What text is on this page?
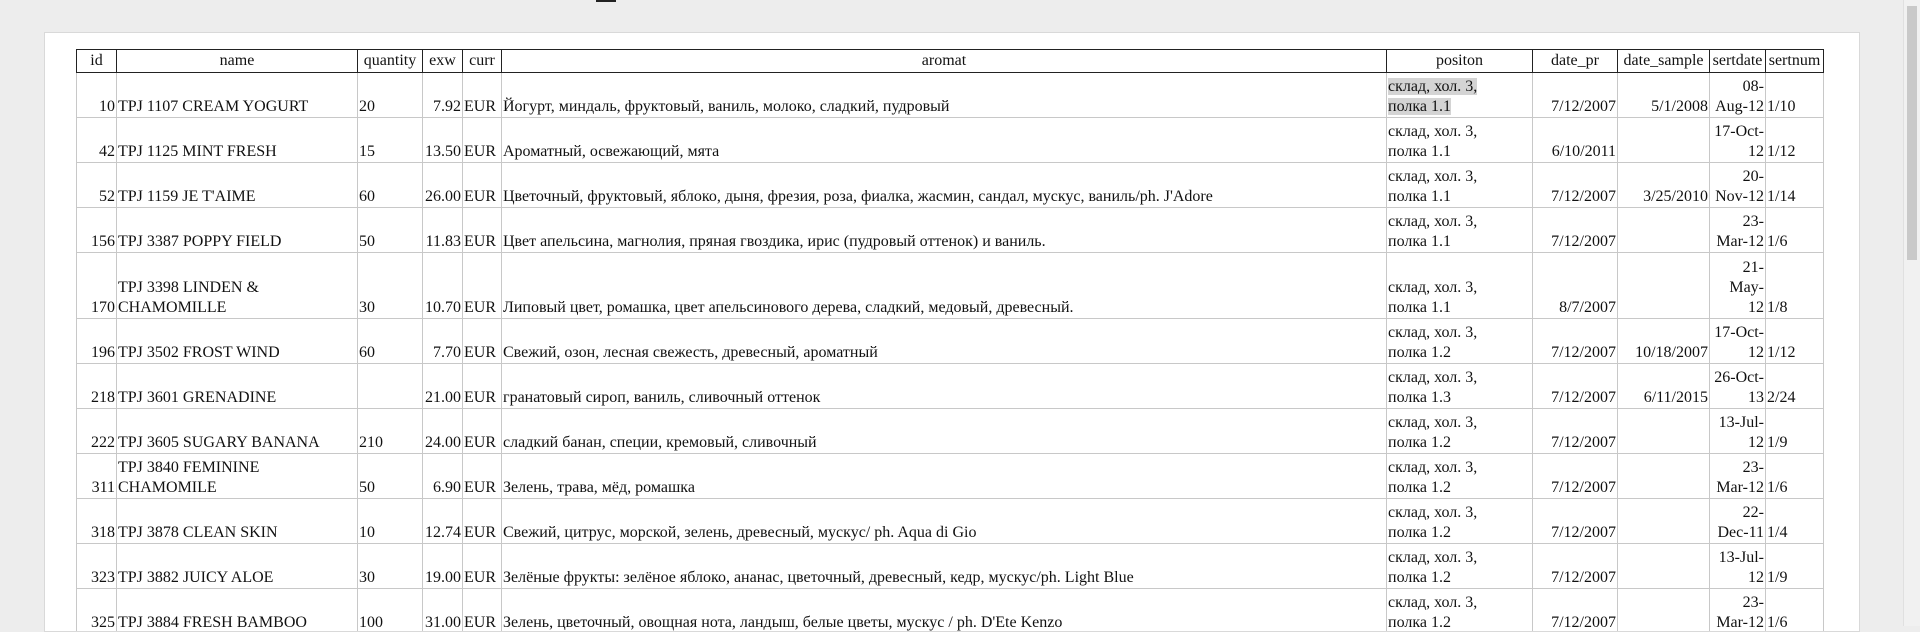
id	name	quantity	exw	curr	aromat	positon	date_pr	date_sample	sertdate	sertnum
10	TPJ 1107 CREAM YOGURT	20	7.92	EUR	Йогурт, миндаль, фруктовый, ваниль, молоко, сладкий, пудровый	склад, хол. 3,
полка 1.1	7/12/2007	5/1/2008	08-
Aug-12	1/10
42	TPJ 1125 MINT FRESH	15	13.50	EUR	Ароматный, освежающий, мята	склад, хол. 3,
полка 1.1	6/10/2011		17-Oct-
12	1/12
52	TPJ 1159 JE T'AIME	60	26.00	EUR	Цветочный, фруктовый, яблоко, дыня, фрезия, роза, фиалка, жасмин, сандал, мускус, ваниль/ph. J'Adore	склад, хол. 3,
полка 1.1	7/12/2007	3/25/2010	20-
Nov-12	1/14
156	TPJ 3387 POPPY FIELD	50	11.83	EUR	Цвет апельсина, магнолия, пряная гвоздика, ирис (пудровый оттенок) и ваниль.	склад, хол. 3,
полка 1.1	7/12/2007		23-
Mar-12	1/6
170	TPJ 3398 LINDEN &
CHAMOMILLE	30	10.70	EUR	Липовый цвет, ромашка, цвет апельсинового дерева, сладкий, медовый, древесный.	склад, хол. 3,
полка 1.1	8/7/2007		21-
May-
12	1/8
196	TPJ 3502 FROST WIND	60	7.70	EUR	Свежий, озон, лесная свежесть, древесный, ароматный	склад, хол. 3,
полка 1.2	7/12/2007	10/18/2007	17-Oct-
12	1/12
218	TPJ 3601 GRENADINE		21.00	EUR	гранатовый сироп, ваниль, сливочный оттенок	склад, хол. 3,
полка 1.3	7/12/2007	6/11/2015	26-Oct-
13	2/24
222	TPJ 3605 SUGARY BANANA	210	24.00	EUR	сладкий банан, специи, кремовый, сливочный	склад, хол. 3,
полка 1.2	7/12/2007		13-Jul-
12	1/9
311	TPJ 3840 FEMININE
CHAMOMILE	50	6.90	EUR	Зелень, трава, мёд, ромашка	склад, хол. 3,
полка 1.2	7/12/2007		23-
Mar-12	1/6
318	TPJ 3878 CLEAN SKIN	10	12.74	EUR	Свежий, цитрус, морской, зелень, древесный, мускус/ ph. Aqua di Gio	склад, хол. 3,
полка 1.2	7/12/2007		22-
Dec-11	1/4
323	TPJ 3882 JUICY ALOE	30	19.00	EUR	Зелёные фрукты: зелёное яблоко, ананас, цветочный, древесный, кедр, мускус/ph. Light Blue	склад, хол. 3,
полка 1.2	7/12/2007		13-Jul-
12	1/9
325	TPJ 3884 FRESH BAMBOO	100	31.00	EUR	Зелень, цветочный, овощная нота, ландыш, белые цветы, мускус / ph. D'Ete Kenzo	склад, хол. 3,
полка 1.2	7/12/2007		23-
Mar-12	1/6
